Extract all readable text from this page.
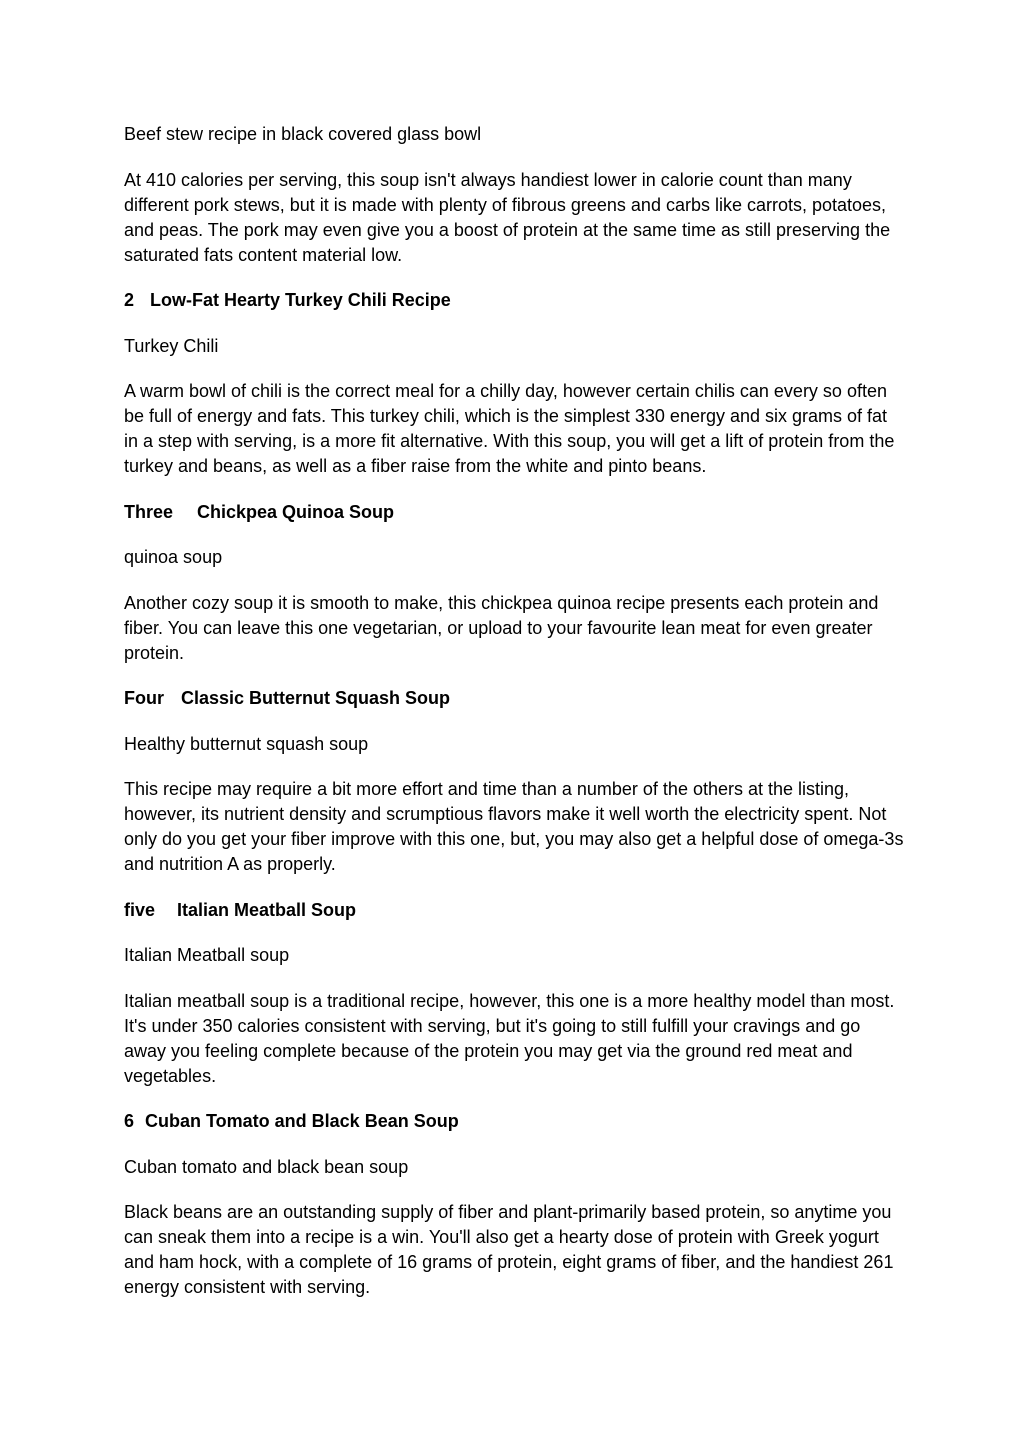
Beef stew recipe in black covered glass bowl

At 410 calories per serving, this soup isn't always handiest lower in calorie count than many different pork stews, but it is made with plenty of fibrous greens and carbs like carrots, potatoes, and peas. The pork may even give you a boost of protein at the same time as still preserving the saturated fats content material low.

2 Low-Fat Hearty Turkey Chili Recipe

Turkey Chili

A warm bowl of chili is the correct meal for a chilly day, however certain chilis can every so often be full of energy and fats. This turkey chili, which is the simplest 330 energy and six grams of fat in a step with serving, is a more fit alternative. With this soup, you will get a lift of protein from the turkey and beans, as well as a fiber raise from the white and pinto beans.

Three Chickpea Quinoa Soup

quinoa soup

Another cozy soup it is smooth to make, this chickpea quinoa recipe presents each protein and fiber. You can leave this one vegetarian, or upload to your favourite lean meat for even greater protein.

Four Classic Butternut Squash Soup

Healthy butternut squash soup

This recipe may require a bit more effort and time than a number of the others at the listing, however, its nutrient density and scrumptious flavors make it well worth the electricity spent. Not only do you get your fiber improve with this one, but, you may also get a helpful dose of omega-3s and nutrition A as properly.

five Italian Meatball Soup

Italian Meatball soup

Italian meatball soup is a traditional recipe, however, this one is a more healthy model than most. It's under 350 calories consistent with serving, but it's going to still fulfill your cravings and go away you feeling complete because of the protein you may get via the ground red meat and vegetables.

6 Cuban Tomato and Black Bean Soup

Cuban tomato and black bean soup

Black beans are an outstanding supply of fiber and plant-primarily based protein, so anytime you can sneak them into a recipe is a win. You'll also get a hearty dose of protein with Greek yogurt and ham hock, with a complete of 16 grams of protein, eight grams of fiber, and the handiest 261 energy consistent with serving.
